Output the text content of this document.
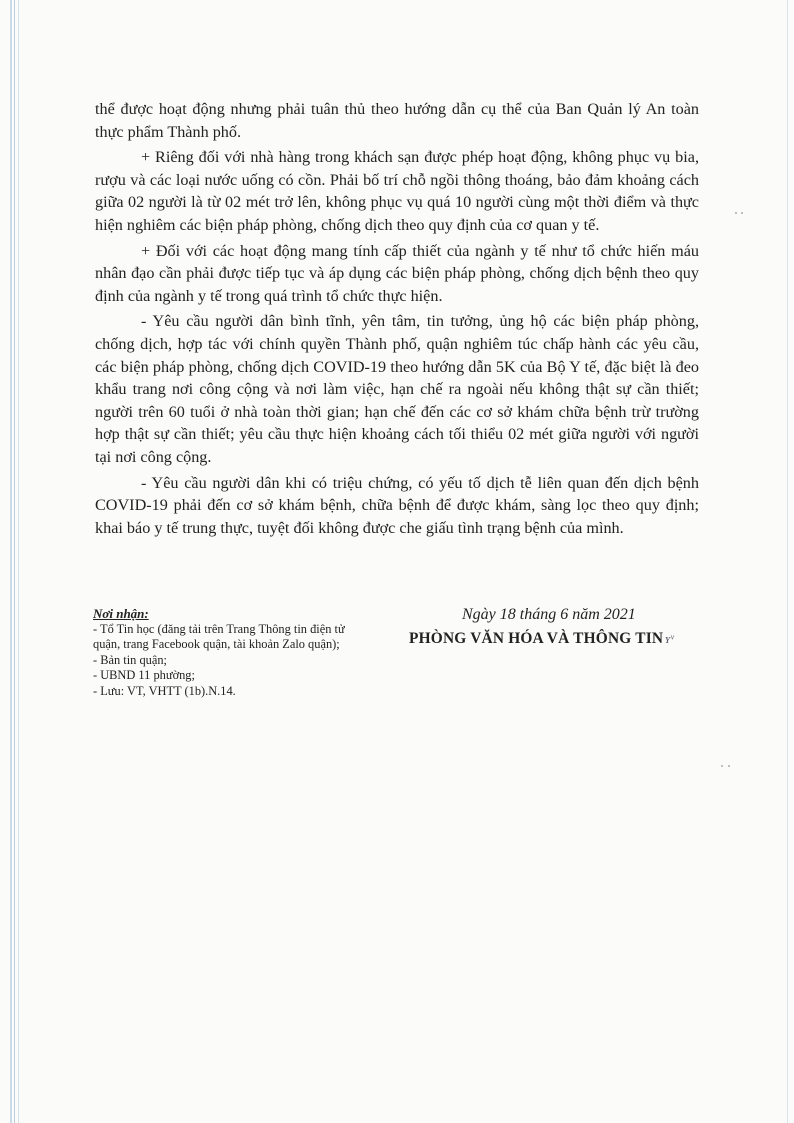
thể được hoạt động nhưng phải tuân thủ theo hướng dẫn cụ thể của Ban Quản lý An toàn thực phẩm Thành phố.

+ Riêng đối với nhà hàng trong khách sạn được phép hoạt động, không phục vụ bia, rượu và các loại nước uống có cồn. Phải bố trí chỗ ngồi thông thoáng, bảo đảm khoảng cách giữa 02 người là từ 02 mét trở lên, không phục vụ quá 10 người cùng một thời điểm và thực hiện nghiêm các biện pháp phòng, chống dịch theo quy định của cơ quan y tế.

+ Đối với các hoạt động mang tính cấp thiết của ngành y tế như tổ chức hiến máu nhân đạo cần phải được tiếp tục và áp dụng các biện pháp phòng, chống dịch bệnh theo quy định của ngành y tế trong quá trình tổ chức thực hiện.

- Yêu cầu người dân bình tĩnh, yên tâm, tin tưởng, ủng hộ các biện pháp phòng, chống dịch, hợp tác với chính quyền Thành phố, quận nghiêm túc chấp hành các yêu cầu, các biện pháp phòng, chống dịch COVID-19 theo hướng dẫn 5K của Bộ Y tế, đặc biệt là đeo khẩu trang nơi công cộng và nơi làm việc, hạn chế ra ngoài nếu không thật sự cần thiết; người trên 60 tuổi ở nhà toàn thời gian; hạn chế đến các cơ sở khám chữa bệnh trừ trường hợp thật sự cần thiết; yêu cầu thực hiện khoảng cách tối thiểu 02 mét giữa người với người tại nơi công cộng.

- Yêu cầu người dân khi có triệu chứng, có yếu tố dịch tễ liên quan đến dịch bệnh COVID-19 phải đến cơ sở khám bệnh, chữa bệnh để được khám, sàng lọc theo quy định; khai báo y tế trung thực, tuyệt đối không được che giấu tình trạng bệnh của mình.

Nơi nhận:
- Tổ Tin học (đăng tải trên Trang Thông tin điện tử quận, trang Facebook quận, tài khoản Zalo quận);
- Bản tin quận;
- UBND 11 phường;
- Lưu: VT, VHTT (1b).N.14.
Ngày 18 tháng 6 năm 2021
PHÒNG VĂN HÓA VÀ THÔNG TIN ʏᵛ
